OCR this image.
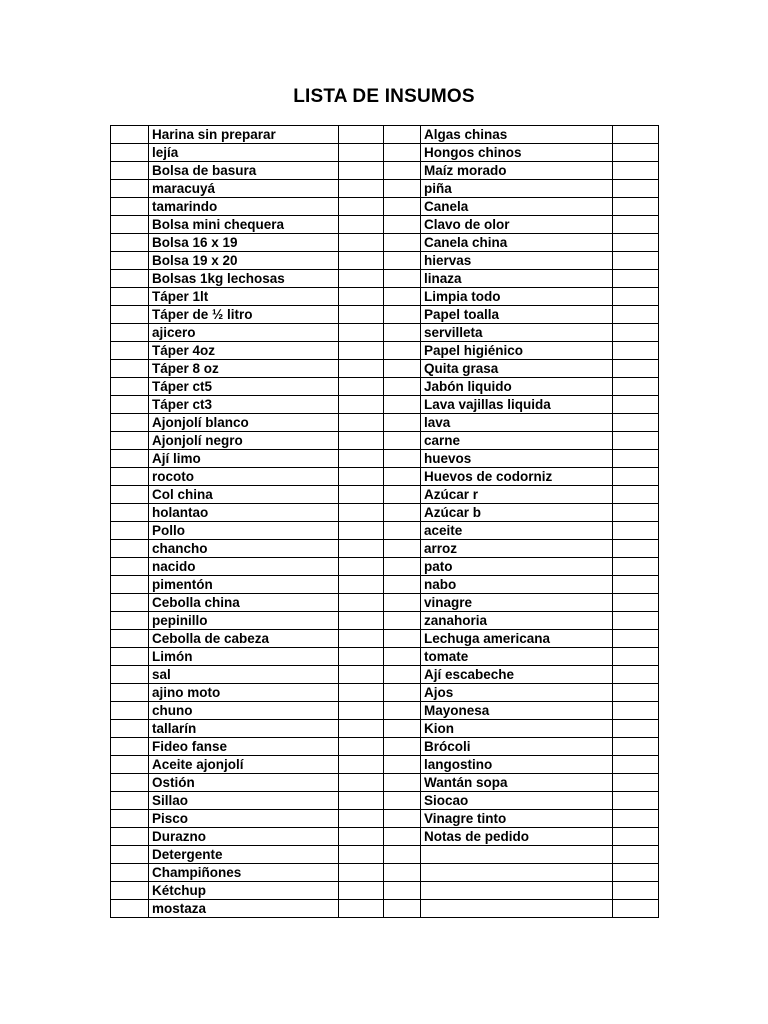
LISTA DE INSUMOS
	Harina sin preparar			Algas chinas	
	lejía			Hongos chinos	
	Bolsa de basura			Maíz morado	
	maracuyá			piña	
	tamarindo			Canela	
	Bolsa mini chequera			Clavo de olor	
	Bolsa 16 x 19			Canela china	
	Bolsa 19 x 20			hiervas	
	Bolsas 1kg lechosas			linaza	
	Táper 1lt			Limpia todo	
	Táper de ½ litro			Papel toalla	
	ajicero			servilleta	
	Táper 4oz			Papel higiénico	
	Táper 8 oz			Quita grasa	
	Táper ct5			Jabón liquido	
	Táper ct3			Lava vajillas liquida	
	Ajonjolí blanco			lava	
	Ajonjolí negro			carne	
	Ají limo			huevos	
	rocoto			Huevos de codorniz	
	Col china			Azúcar r	
	holantao			Azúcar b	
	Pollo			aceite	
	chancho			arroz	
	nacido			pato	
	pimentón			nabo	
	Cebolla china			vinagre	
	pepinillo			zanahoria	
	Cebolla de cabeza			Lechuga americana	
	Limón			tomate	
	sal			Ají escabeche	
	ajino moto			Ajos	
	chuno			Mayonesa	
	tallarín			Kion	
	Fideo fanse			Brócoli	
	Aceite ajonjolí			langostino	
	Ostión			Wantán sopa	
	Sillao			Siocao	
	Pisco			Vinagre tinto	
	Durazno			Notas de pedido	
	Detergente				
	Champiñones				
	Kétchup				
	mostaza				
